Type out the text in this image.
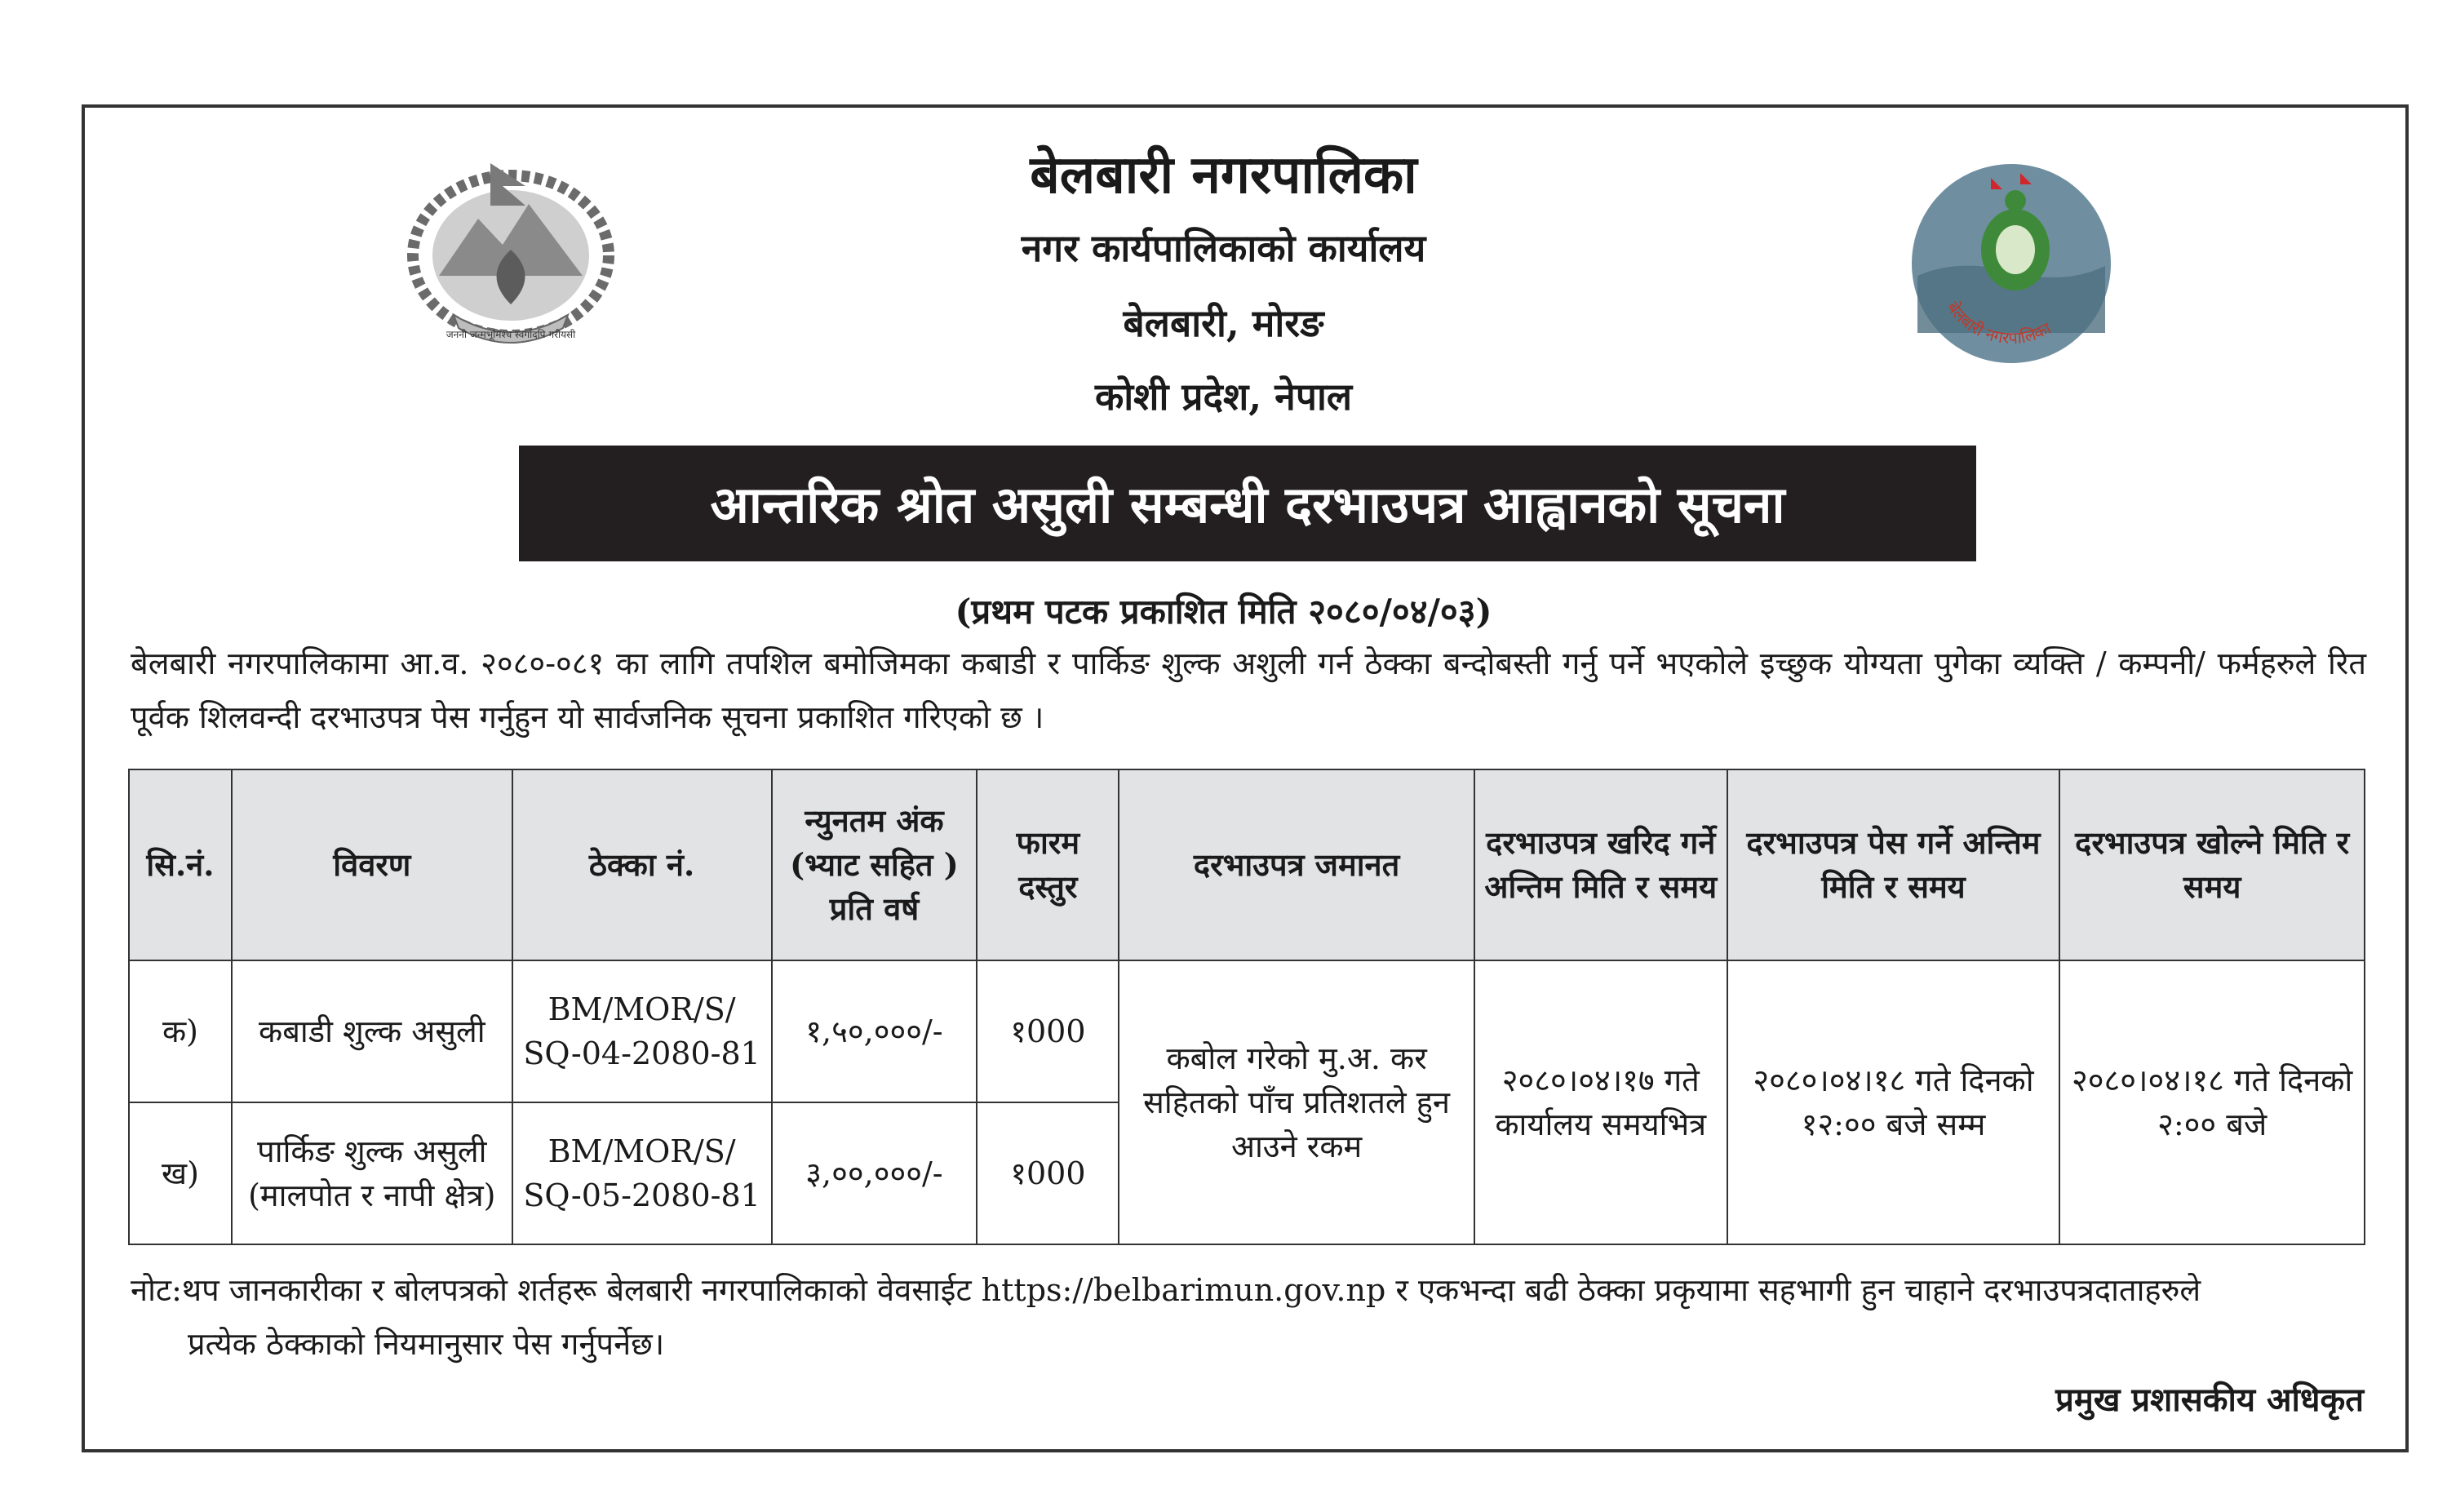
जननी जन्मभूमिश्च स्वर्गादपि गरीयसी
बेलबारी नगरपालिका
बेलबारी नगरपालिका
नगर कार्यपालिकाको कार्यालय
बेलबारी, मोरङ
कोशी प्रदेश, नेपाल
आन्तरिक श्रोत असुली सम्बन्धी दरभाउपत्र आह्वानको सूचना
(प्रथम पटक प्रकाशित मिति २०८०/०४/०३)
बेलबारी नगरपालिकामा आ.व. २०८०-०८१ का लागि तपशिल बमोजिमका कबाडी र पार्किङ शुल्क अशुली गर्न ठेक्का बन्दोबस्ती गर्नु पर्ने भएकोले इच्छुक योग्यता पुगेका व्यक्ति / कम्पनी/ फर्महरुले रित पूर्वक शिलवन्दी दरभाउपत्र पेस गर्नुहुन यो सार्वजनिक सूचना प्रकाशित गरिएको छ ।
सि.नं.	विवरण	ठेक्का नं.	न्युनतम अंक (भ्याट सहित ) प्रति वर्ष	फारम दस्तुर	दरभाउपत्र जमानत	दरभाउपत्र खरिद गर्ने अन्तिम मिति र समय	दरभाउपत्र पेस गर्ने अन्तिम मिति र समय	दरभाउपत्र खोल्ने मिति र समय
क)	कबाडी शुल्क असुली	BM/MOR/S/ SQ-04-2080-81	१,५०,०००/-	१000	कबोल गरेको मु.अ. कर सहितको पाँच प्रतिशतले हुन आउने रकम	२०८०।०४।१७ गते कार्यालय समयभित्र	२०८०।०४।१८ गते दिनको १२:०० बजे सम्म	२०८०।०४।१८ गते दिनको २:०० बजे
ख)	पार्किङ शुल्क असुली (मालपोत र नापी क्षेत्र)	BM/MOR/S/ SQ-05-2080-81	३,००,०००/-	१000				
नोट:थप जानकारीका र बोलपत्रको शर्तहरू बेलबारी नगरपालिकाको वेवसाईट https://belbarimun.gov.np र एकभन्दा बढी ठेक्का प्रकृयामा सहभागी हुन चाहाने दरभाउपत्रदाताहरुले
प्रत्येक ठेक्काको नियमानुसार पेस गर्नुपर्नेछ।
प्रमुख प्रशासकीय अधिकृत
